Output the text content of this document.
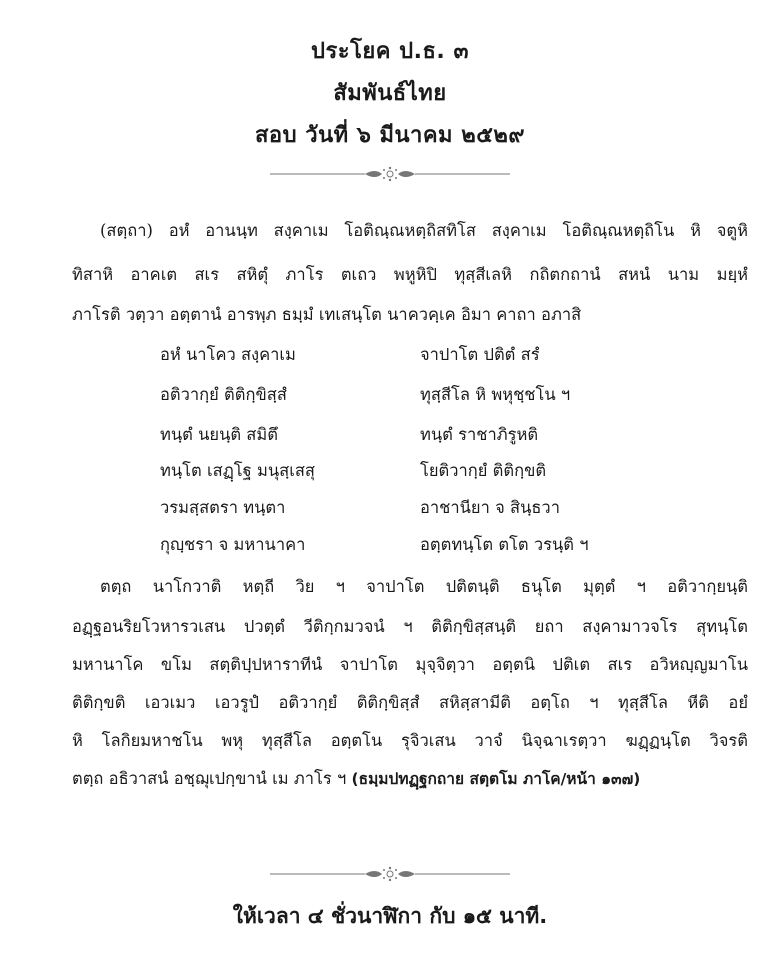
ประโยค ป.ธ. ๓
สัมพันธ์ไทย
สอบ วันที่ ๖ มีนาคม ๒๕๒๙
(สตฺถา) อหํ อานนฺท สงฺคาเม โอติณฺณหตฺถิสทิโส สงฺคาเม โอติณฺณหตฺถิโน หิ จตูหิ
ทิสาหิ อาคเต สเร สหิตุํ ภาโร ตเถว พหูหิปิ ทุสฺสีเลหิ กถิตกถานํ สหนํ นาม มยฺหํ
ภาโรติ วตฺวา อตฺตานํ อารพฺภ ธมฺมํ เทเสนฺโต นาควคฺเค อิมา คาถา อภาสิ
อหํ นาโคว สงฺคาเม	จาปาโต ปติตํ สรํ
อติวากฺยํ ติติกฺขิสฺสํ	ทุสฺสีโล หิ พหุชฺชโน ฯ
ทนฺตํ นยนฺติ สมิตึ	ทนฺตํ ราชาภิรูหติ
ทนฺโต เสฏฺโฐ มนุสฺเสสุ	โยติวากฺยํ ติติกฺขติ
วรมสฺสตรา ทนฺตา	อาชานียา จ สินฺธวา
กุญฺชรา จ มหานาคา	อตฺตทนฺโต ตโต วรนฺติ ฯ
ตตฺถ นาโกวาติ หตฺถี วิย ฯ จาปาโต ปติตนฺติ ธนุโต มุตฺตํ ฯ อติวากฺยนฺติ
อฏฺฐอนริยโวหารวเสน ปวตฺตํ วีติกฺกมวจนํ ฯ ติติกฺขิสฺสนฺติ ยถา สงฺคามาวจโร สุทนฺโต
มหานาโค ขโม สตฺติปฺปหาราทีนํ จาปาโต มุจฺจิตฺวา อตฺตนิ ปติเต สเร อวิหญฺญมาโน
ติติกฺขติ เอวเมว เอวรูปํ อติวากฺยํ ติติกฺขิสฺสํ สหิสฺสามีติ อตฺโถ ฯ ทุสฺสีโล หีติ อยํ
หิ โลกิยมหาชโน พหุ ทุสฺสีโล อตฺตโน รุจิวเสน วาจํ นิจฺฉาเรตฺวา ฆฏฺฏนฺโต วิจรติ
ตตฺถ อธิวาสนํ อชฺฌุเปกฺขานํ เม ภาโร ฯ (ธมฺมปทฏฺฐกถาย สตฺตโม ภาโค/หน้า ๑๓๗)
ให้เวลา ๔ ชั่วนาฬิกา กับ ๑๕ นาที.
